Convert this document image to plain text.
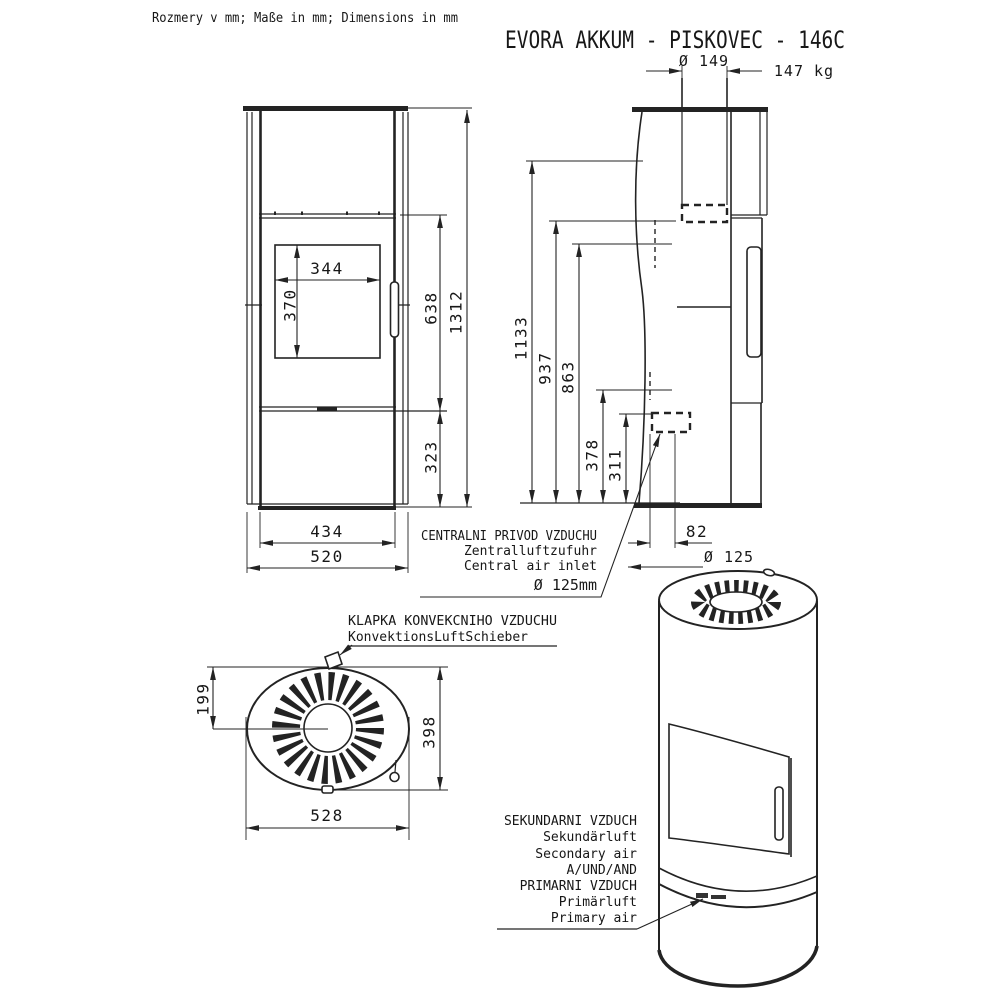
Rozmery v mm; Maße in mm; Dimensions in mm
EVORA AKKUM - PISKOVEC - 146C
147 kg
344
370	638 1312
323
434
520
Ø 149
1133
937 863
378 311
82
Ø 125
CENTRALNI PRIVOD VZDUCHU
Zentralluftzufuhr
Central air inlet
Ø 125mm
KLAPKA KONVEKCNIHO VZDUCHU
KonvektionsLuftSchieber
199
398
528	SEKUNDARNI VZDUCH
Sekundärluft
Secondary air
A/UND/AND
PRIMARNI VZDUCH
Primärluft
Primary air
